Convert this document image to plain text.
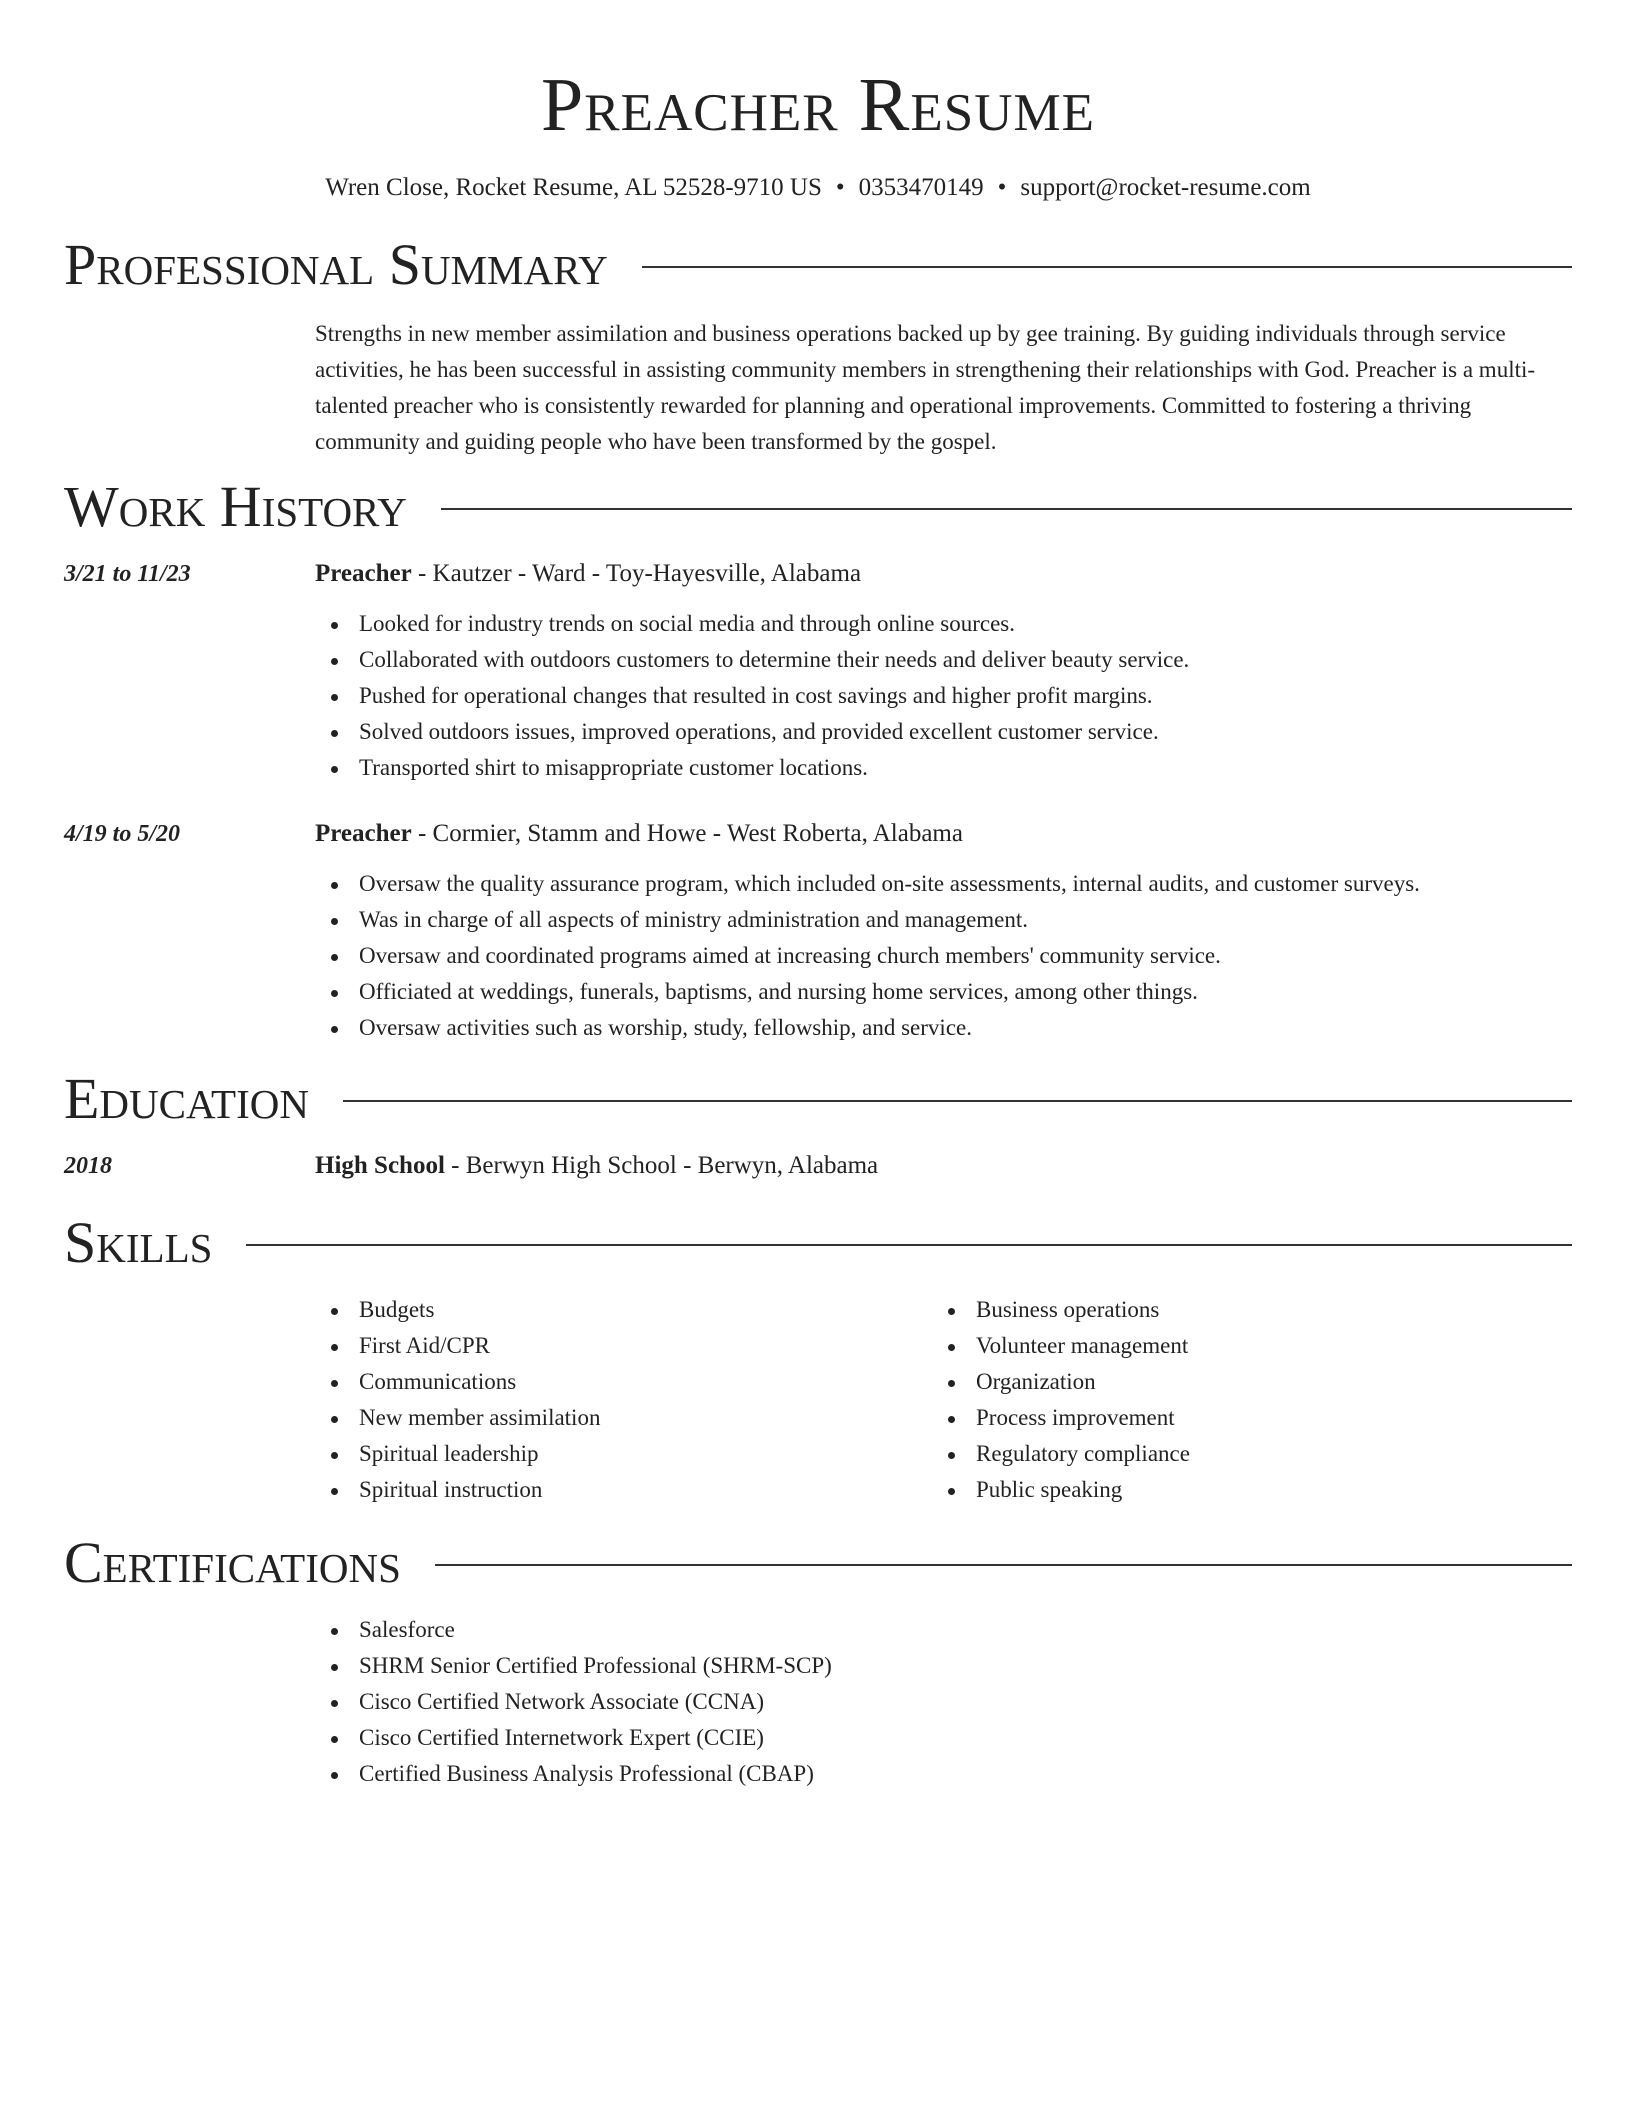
Preacher Resume
Wren Close, Rocket Resume, AL 52528-9710 US • 0353470149 • support@rocket-resume.com
Professional Summary
Strengths in new member assimilation and business operations backed up by gee training. By guiding individuals through service activities, he has been successful in assisting community members in strengthening their relationships with God. Preacher is a multi-talented preacher who is consistently rewarded for planning and operational improvements. Committed to fostering a thriving community and guiding people who have been transformed by the gospel.
Work History
3/21 to 11/23	Preacher - Kautzer - Ward - Toy-Hayesville, Alabama
Looked for industry trends on social media and through online sources.
Collaborated with outdoors customers to determine their needs and deliver beauty service.
Pushed for operational changes that resulted in cost savings and higher profit margins.
Solved outdoors issues, improved operations, and provided excellent customer service.
Transported shirt to misappropriate customer locations.
4/19 to 5/20	Preacher - Cormier, Stamm and Howe - West Roberta, Alabama
Oversaw the quality assurance program, which included on-site assessments, internal audits, and customer surveys.
Was in charge of all aspects of ministry administration and management.
Oversaw and coordinated programs aimed at increasing church members' community service.
Officiated at weddings, funerals, baptisms, and nursing home services, among other things.
Oversaw activities such as worship, study, fellowship, and service.
Education
2018	High School - Berwyn High School - Berwyn, Alabama
Skills
Budgets
First Aid/CPR
Communications
New member assimilation
Spiritual leadership
Spiritual instruction
Business operations
Volunteer management
Organization
Process improvement
Regulatory compliance
Public speaking
Certifications
Salesforce
SHRM Senior Certified Professional (SHRM-SCP)
Cisco Certified Network Associate (CCNA)
Cisco Certified Internetwork Expert (CCIE)
Certified Business Analysis Professional (CBAP)
